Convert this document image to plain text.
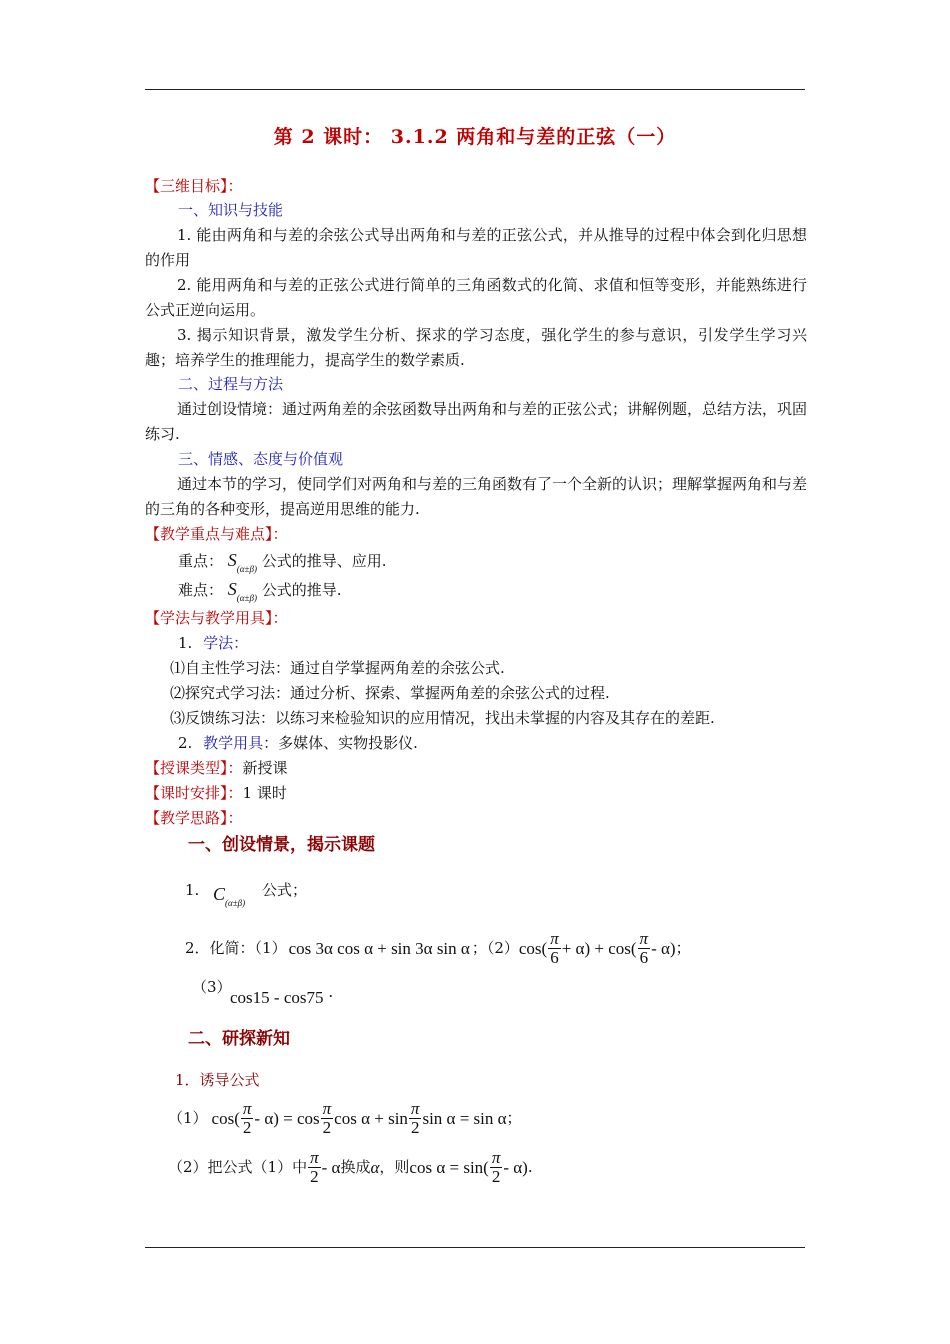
第 2 课时： 3.1.2 两角和与差的正弦（一）
【三维目标】：
一、知识与技能
1. 能由两角和与差的余弦公式导出两角和与差的正弦公式，并从推导的过程中体会到化归思想的作用
2. 能用两角和与差的正弦公式进行简单的三角函数式的化简、求值和恒等变形，并能熟练进行公式正逆向运用。
3. 揭示知识背景，激发学生分析、探求的学习态度，强化学生的参与意识，引发学生学习兴趣；培养学生的推理能力，提高学生的数学素质.
二、过程与方法
通过创设情境：通过两角差的余弦函数导出两角和与差的正弦公式；讲解例题，总结方法，巩固练习.
三、情感、态度与价值观
通过本节的学习，使同学们对两角和与差的三角函数有了一个全新的认识；理解掌握两角和与差的三角的各种变形，提高逆用思维的能力.
【教学重点与难点】：
重点： $S_{(\alpha\pm\beta)}$ 公式的推导、应用.
难点： $S_{(\alpha\pm\beta)}$ 公式的推导.
【学法与教学用具】：
1. 学法：
⑴自主性学习法：通过自学掌握两角差的余弦公式.
⑵探究式学习法：通过分析、探索、掌握两角差的余弦公式的过程.
⑶反馈练习法：以练习来检验知识的应用情况，找出未掌握的内容及其存在的差距.
2. 教学用具：多媒体、实物投影仪.
【授课类型】：新授课
【课时安排】：1 课时
【教学思路】：
一、创设情景，揭示课题
1. $C_{(\alpha\pm\beta)}$
公式；
2．化简：（1） cos 3α cos α + sin 3α sin α ；（2） $\cos( \frac{\pi}{6} + \alpha) + \cos( \frac{\pi}{6} - \alpha)$ ；
（3）
cos15 - cos75 .
二、研探新知
1．诱导公式
（1） $\cos( \frac{\pi}{2} - \alpha) = \cos \frac{\pi}{2}$ $\cos \alpha + \sin \frac{\pi}{2}$ sin α = sin α ；
（2）把公式（1）中 $\frac{\pi}{2}$ - α 换成 α ，则 $\cos \alpha = \sin( \frac{\pi}{2} - \alpha)$ .
